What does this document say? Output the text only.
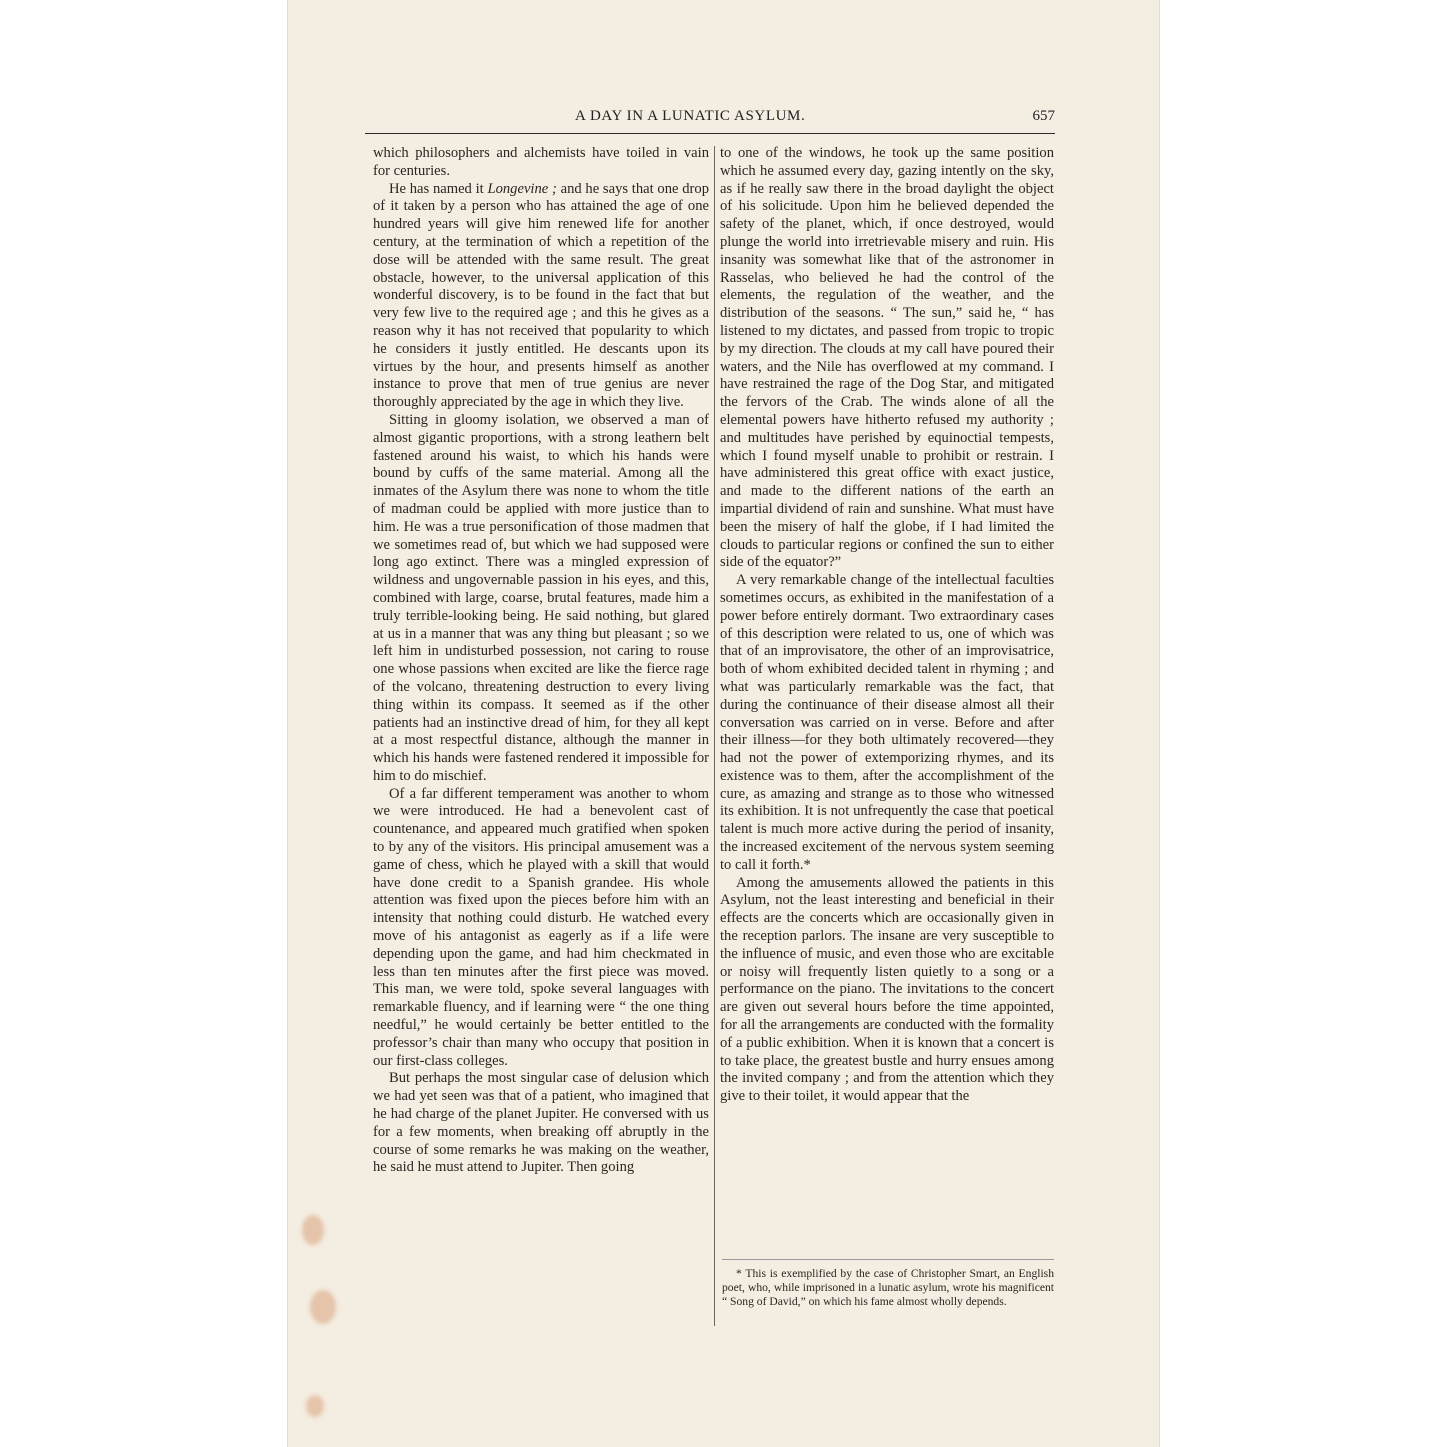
A DAY IN A LUNATIC ASYLUM.	657

which philosophers and alchemists have toiled in vain for centuries.

He has named it Longevine ; and he says that one drop of it taken by a person who has attained the age of one hundred years will give him renewed life for another century, at the termination of which a repetition of the dose will be attended with the same result. The great obstacle, however, to the universal application of this wonderful discovery, is to be found in the fact that but very few live to the required age ; and this he gives as a reason why it has not received that popularity to which he considers it justly entitled. He descants upon its virtues by the hour, and presents himself as another instance to prove that men of true genius are never thoroughly appreciated by the age in which they live.

Sitting in gloomy isolation, we observed a man of almost gigantic proportions, with a strong leathern belt fastened around his waist, to which his hands were bound by cuffs of the same material. Among all the inmates of the Asylum there was none to whom the title of madman could be applied with more justice than to him. He was a true personification of those madmen that we sometimes read of, but which we had supposed were long ago extinct. There was a mingled expression of wildness and ungovernable passion in his eyes, and this, combined with large, coarse, brutal features, made him a truly terrible-looking being. He said nothing, but glared at us in a manner that was any thing but pleasant ; so we left him in undisturbed possession, not caring to rouse one whose passions when excited are like the fierce rage of the volcano, threatening destruction to every living thing within its compass. It seemed as if the other patients had an instinctive dread of him, for they all kept at a most respectful distance, although the manner in which his hands were fastened rendered it impossible for him to do mischief.

Of a far different temperament was another to whom we were introduced. He had a benevolent cast of countenance, and appeared much gratified when spoken to by any of the visitors. His principal amusement was a game of chess, which he played with a skill that would have done credit to a Spanish grandee. His whole attention was fixed upon the pieces before him with an intensity that nothing could disturb. He watched every move of his antagonist as eagerly as if a life were depending upon the game, and had him checkmated in less than ten minutes after the first piece was moved. This man, we were told, spoke several languages with remarkable fluency, and if learning were “ the one thing needful,” he would certainly be better entitled to the professor’s chair than many who occupy that position in our first-class colleges.

But perhaps the most singular case of delusion which we had yet seen was that of a patient, who imagined that he had charge of the planet Jupiter. He conversed with us for a few moments, when breaking off abruptly in the course of some remarks he was making on the weather, he said he must attend to Jupiter. Then going

to one of the windows, he took up the same position which he assumed every day, gazing intently on the sky, as if he really saw there in the broad daylight the object of his solicitude. Upon him he believed depended the safety of the planet, which, if once destroyed, would plunge the world into irretrievable misery and ruin. His insanity was somewhat like that of the astronomer in Rasselas, who believed he had the control of the elements, the regulation of the weather, and the distribution of the seasons. “ The sun,” said he, “ has listened to my dictates, and passed from tropic to tropic by my direction. The clouds at my call have poured their waters, and the Nile has overflowed at my command. I have restrained the rage of the Dog Star, and mitigated the fervors of the Crab. The winds alone of all the elemental powers have hitherto refused my authority ; and multitudes have perished by equinoctial tempests, which I found myself unable to prohibit or restrain. I have administered this great office with exact justice, and made to the different nations of the earth an impartial dividend of rain and sunshine. What must have been the misery of half the globe, if I had limited the clouds to particular regions or confined the sun to either side of the equator?”

A very remarkable change of the intellectual faculties sometimes occurs, as exhibited in the manifestation of a power before entirely dormant. Two extraordinary cases of this description were related to us, one of which was that of an improvisatore, the other of an improvisatrice, both of whom exhibited decided talent in rhyming ; and what was particularly remarkable was the fact, that during the continuance of their disease almost all their conversation was carried on in verse. Before and after their illness—for they both ultimately recovered—they had not the power of extemporizing rhymes, and its existence was to them, after the accomplishment of the cure, as amazing and strange as to those who witnessed its exhibition. It is not unfrequently the case that poetical talent is much more active during the period of insanity, the increased excitement of the nervous system seeming to call it forth.*

Among the amusements allowed the patients in this Asylum, not the least interesting and beneficial in their effects are the concerts which are occasionally given in the reception parlors. The insane are very susceptible to the influence of music, and even those who are excitable or noisy will frequently listen quietly to a song or a performance on the piano. The invitations to the concert are given out several hours before the time appointed, for all the arrangements are conducted with the formality of a public exhibition. When it is known that a concert is to take place, the greatest bustle and hurry ensues among the invited company ; and from the attention which they give to their toilet, it would appear that the

* This is exemplified by the case of Christopher Smart, an English poet, who, while imprisoned in a lunatic asylum, wrote his magnificent “ Song of David,” on which his fame almost wholly depends.
